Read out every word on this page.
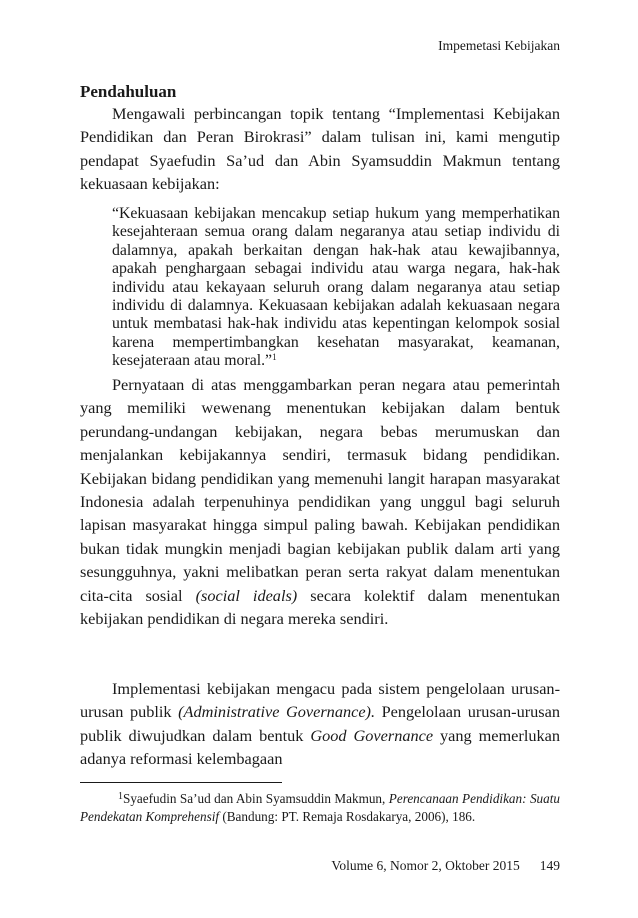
Impemetasi Kebijakan
Pendahuluan

Mengawali perbincangan topik tentang “Implementasi Kebijakan Pendidikan dan Peran Birokrasi” dalam tulisan ini, kami mengutip pendapat Syaefudin Sa’ud dan Abin Syamsuddin Makmun tentang kekuasaan kebijakan:

“Kekuasaan kebijakan mencakup setiap hukum yang memperhatikan kesejahteraan semua orang dalam negaranya atau setiap individu di dalamnya, apakah berkaitan dengan hak-hak atau kewajibannya, apakah penghargaan sebagai individu atau warga negara, hak-hak individu atau kekayaan seluruh orang dalam negaranya atau setiap individu di dalamnya. Kekuasaan kebijakan adalah kekuasaan negara untuk membatasi hak-hak individu atas kepentingan kelompok sosial karena mempertimbangkan kesehatan masyarakat, keamanan, kesejateraan atau moral.”$^1$

Pernyataan di atas menggambarkan peran negara atau pemerintah yang memiliki wewenang menentukan kebijakan dalam bentuk perundang-undangan kebijakan, negara bebas merumuskan dan menjalankan kebijakannya sendiri, termasuk bidang pendidikan. Kebijakan bidang pendidikan yang memenuhi langit harapan masyarakat Indonesia adalah terpenuhinya pendidikan yang unggul bagi seluruh lapisan masyarakat hingga simpul paling bawah. Kebijakan pendidikan bukan tidak mungkin menjadi bagian kebijakan publik dalam arti yang sesungguhnya, yakni melibatkan peran serta rakyat dalam menentukan cita-cita sosial (social ideals) secara kolektif dalam menentukan kebijakan pendidikan di negara mereka sendiri.

Implementasi kebijakan mengacu pada sistem pengelolaan urusan-urusan publik (Administrative Governance). Pengelolaan urusan-urusan publik diwujudkan dalam bentuk Good Governance yang memerlukan adanya reformasi kelembagaan

$^1$Syaefudin Sa’ud dan Abin Syamsuddin Makmun, Perencanaan Pendidikan: Suatu Pendekatan Komprehensif (Bandung: PT. Remaja Rosdakarya, 2006), 186.

Volume 6, Nomor 2, Oktober 2015 149
